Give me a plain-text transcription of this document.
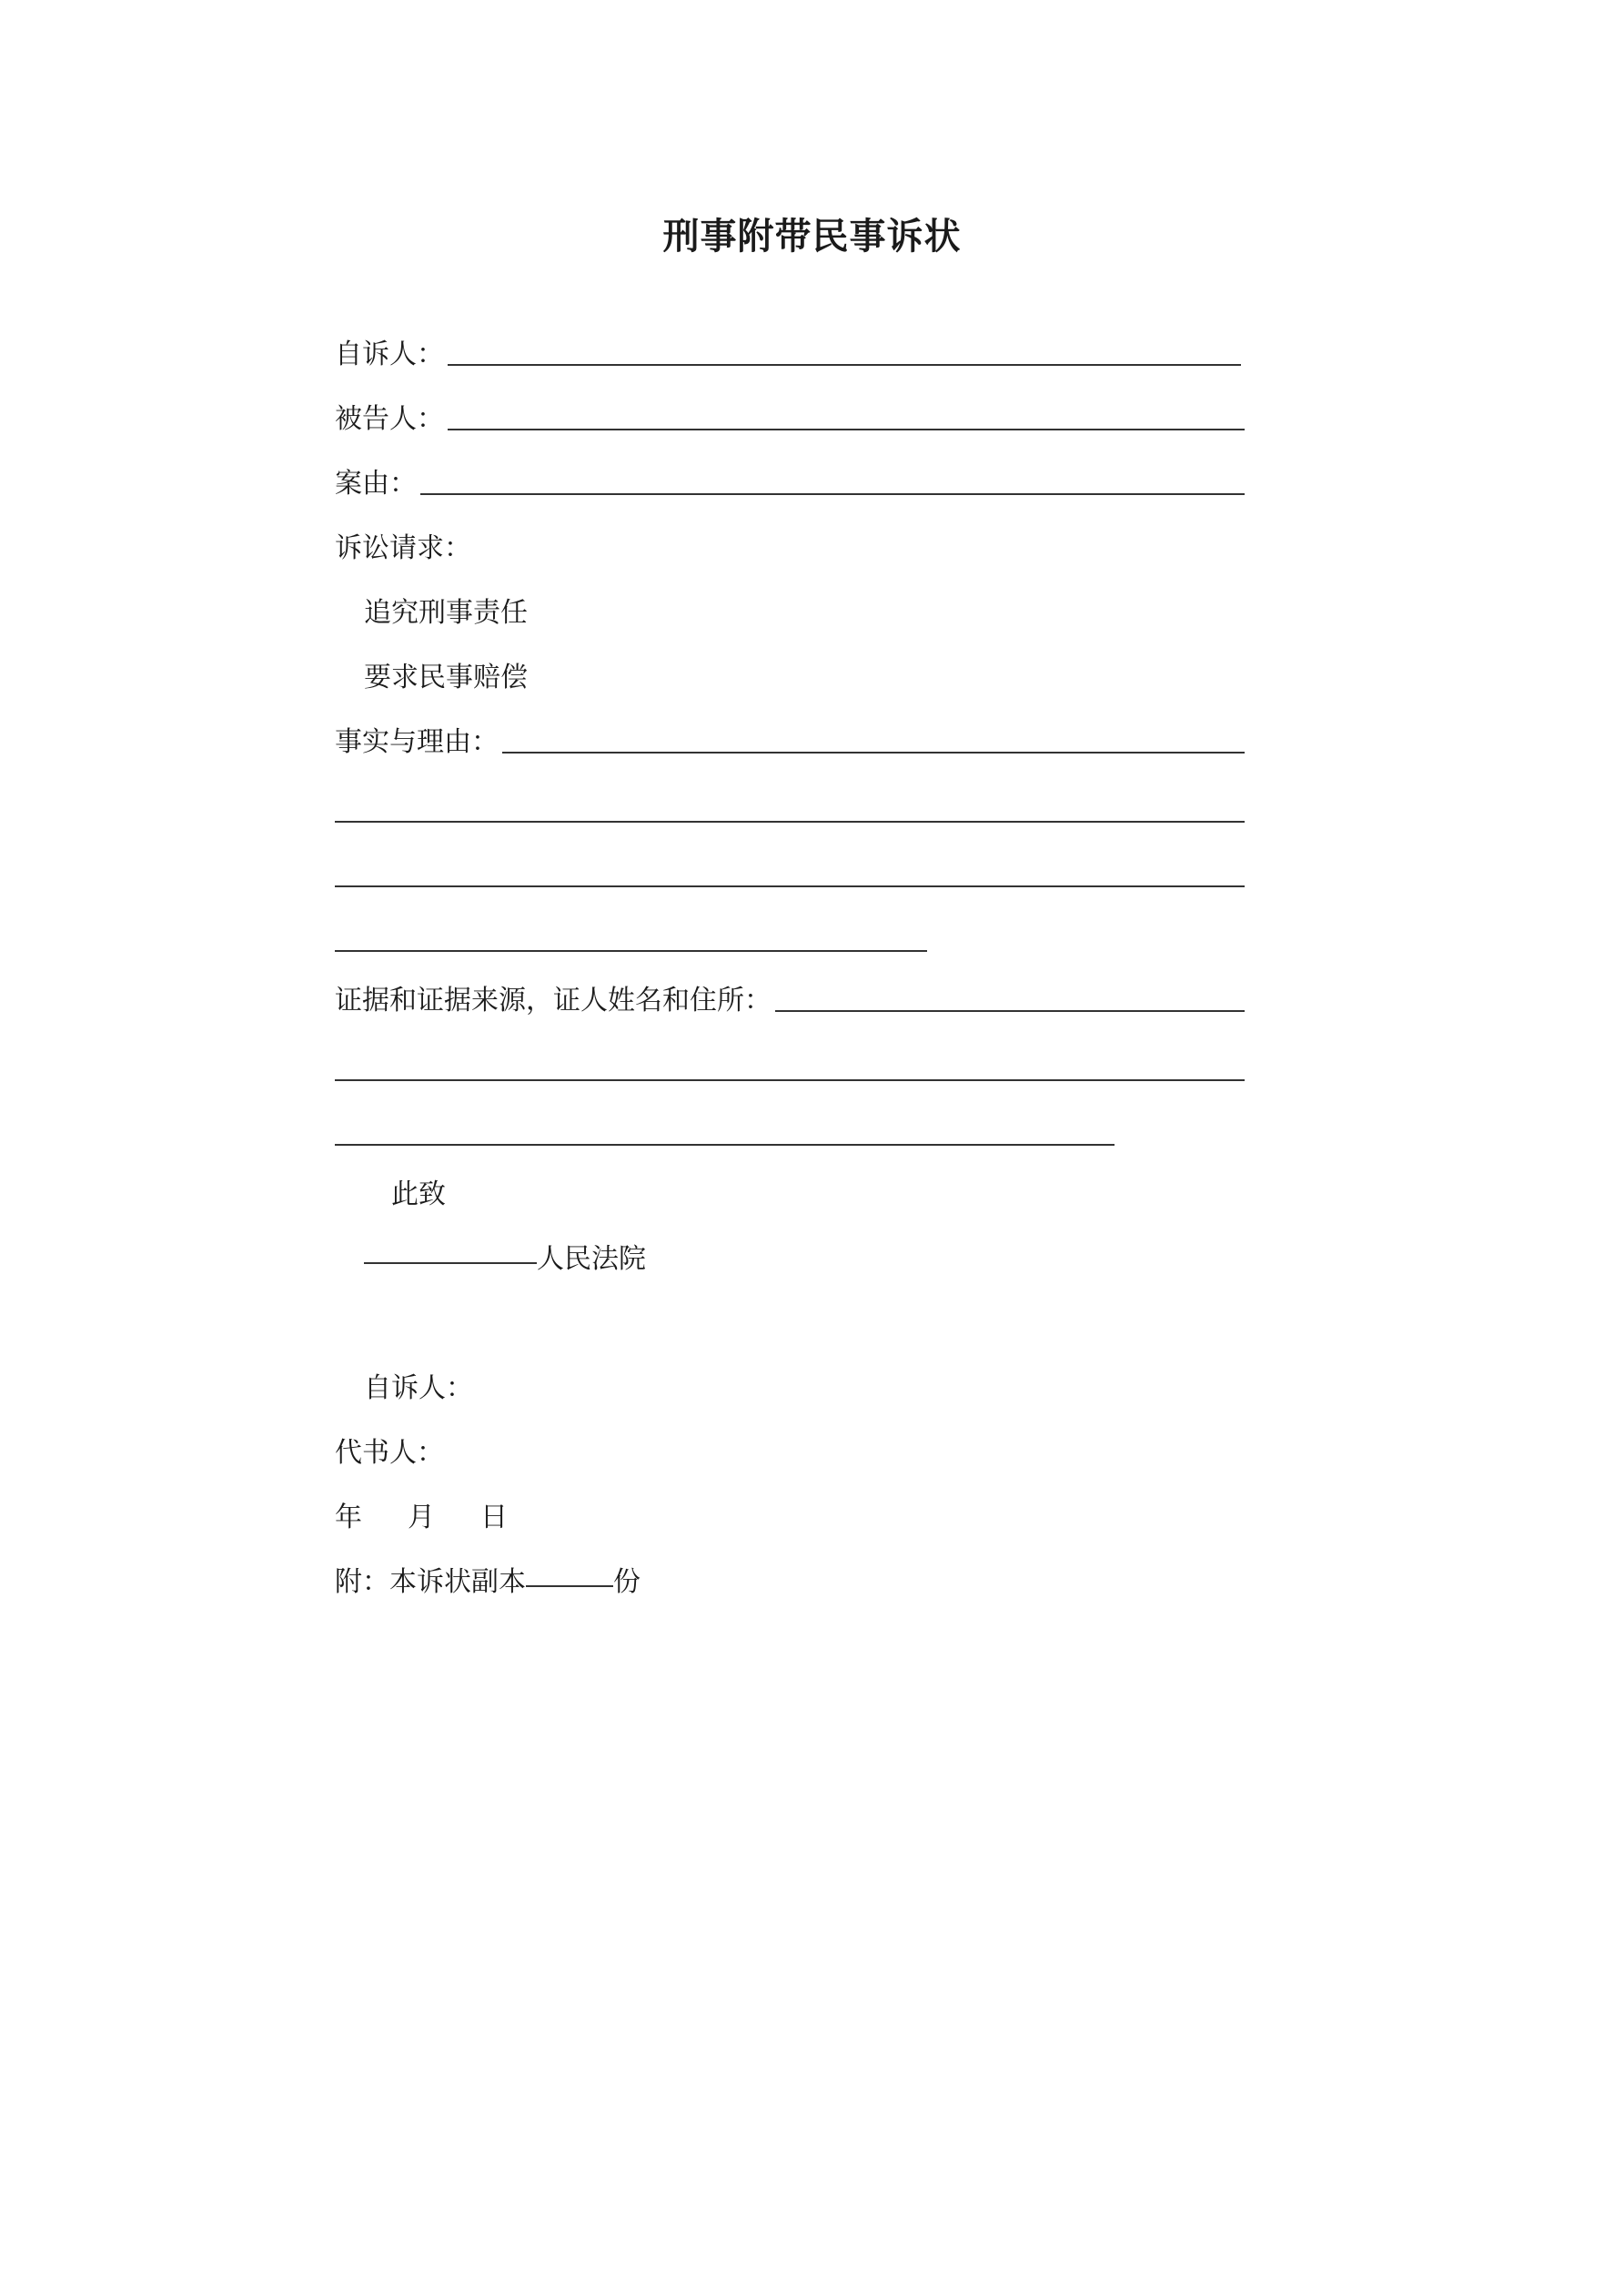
刑事附带民事诉状
自诉人：
被告人：
案由：
诉讼请求：
追究刑事责任
要求民事赔偿
事实与理由：
证据和证据来源，证人姓名和住所：
此致
人民法院
自诉人：
代书人：
年 月 日
附：本诉状副本	份
